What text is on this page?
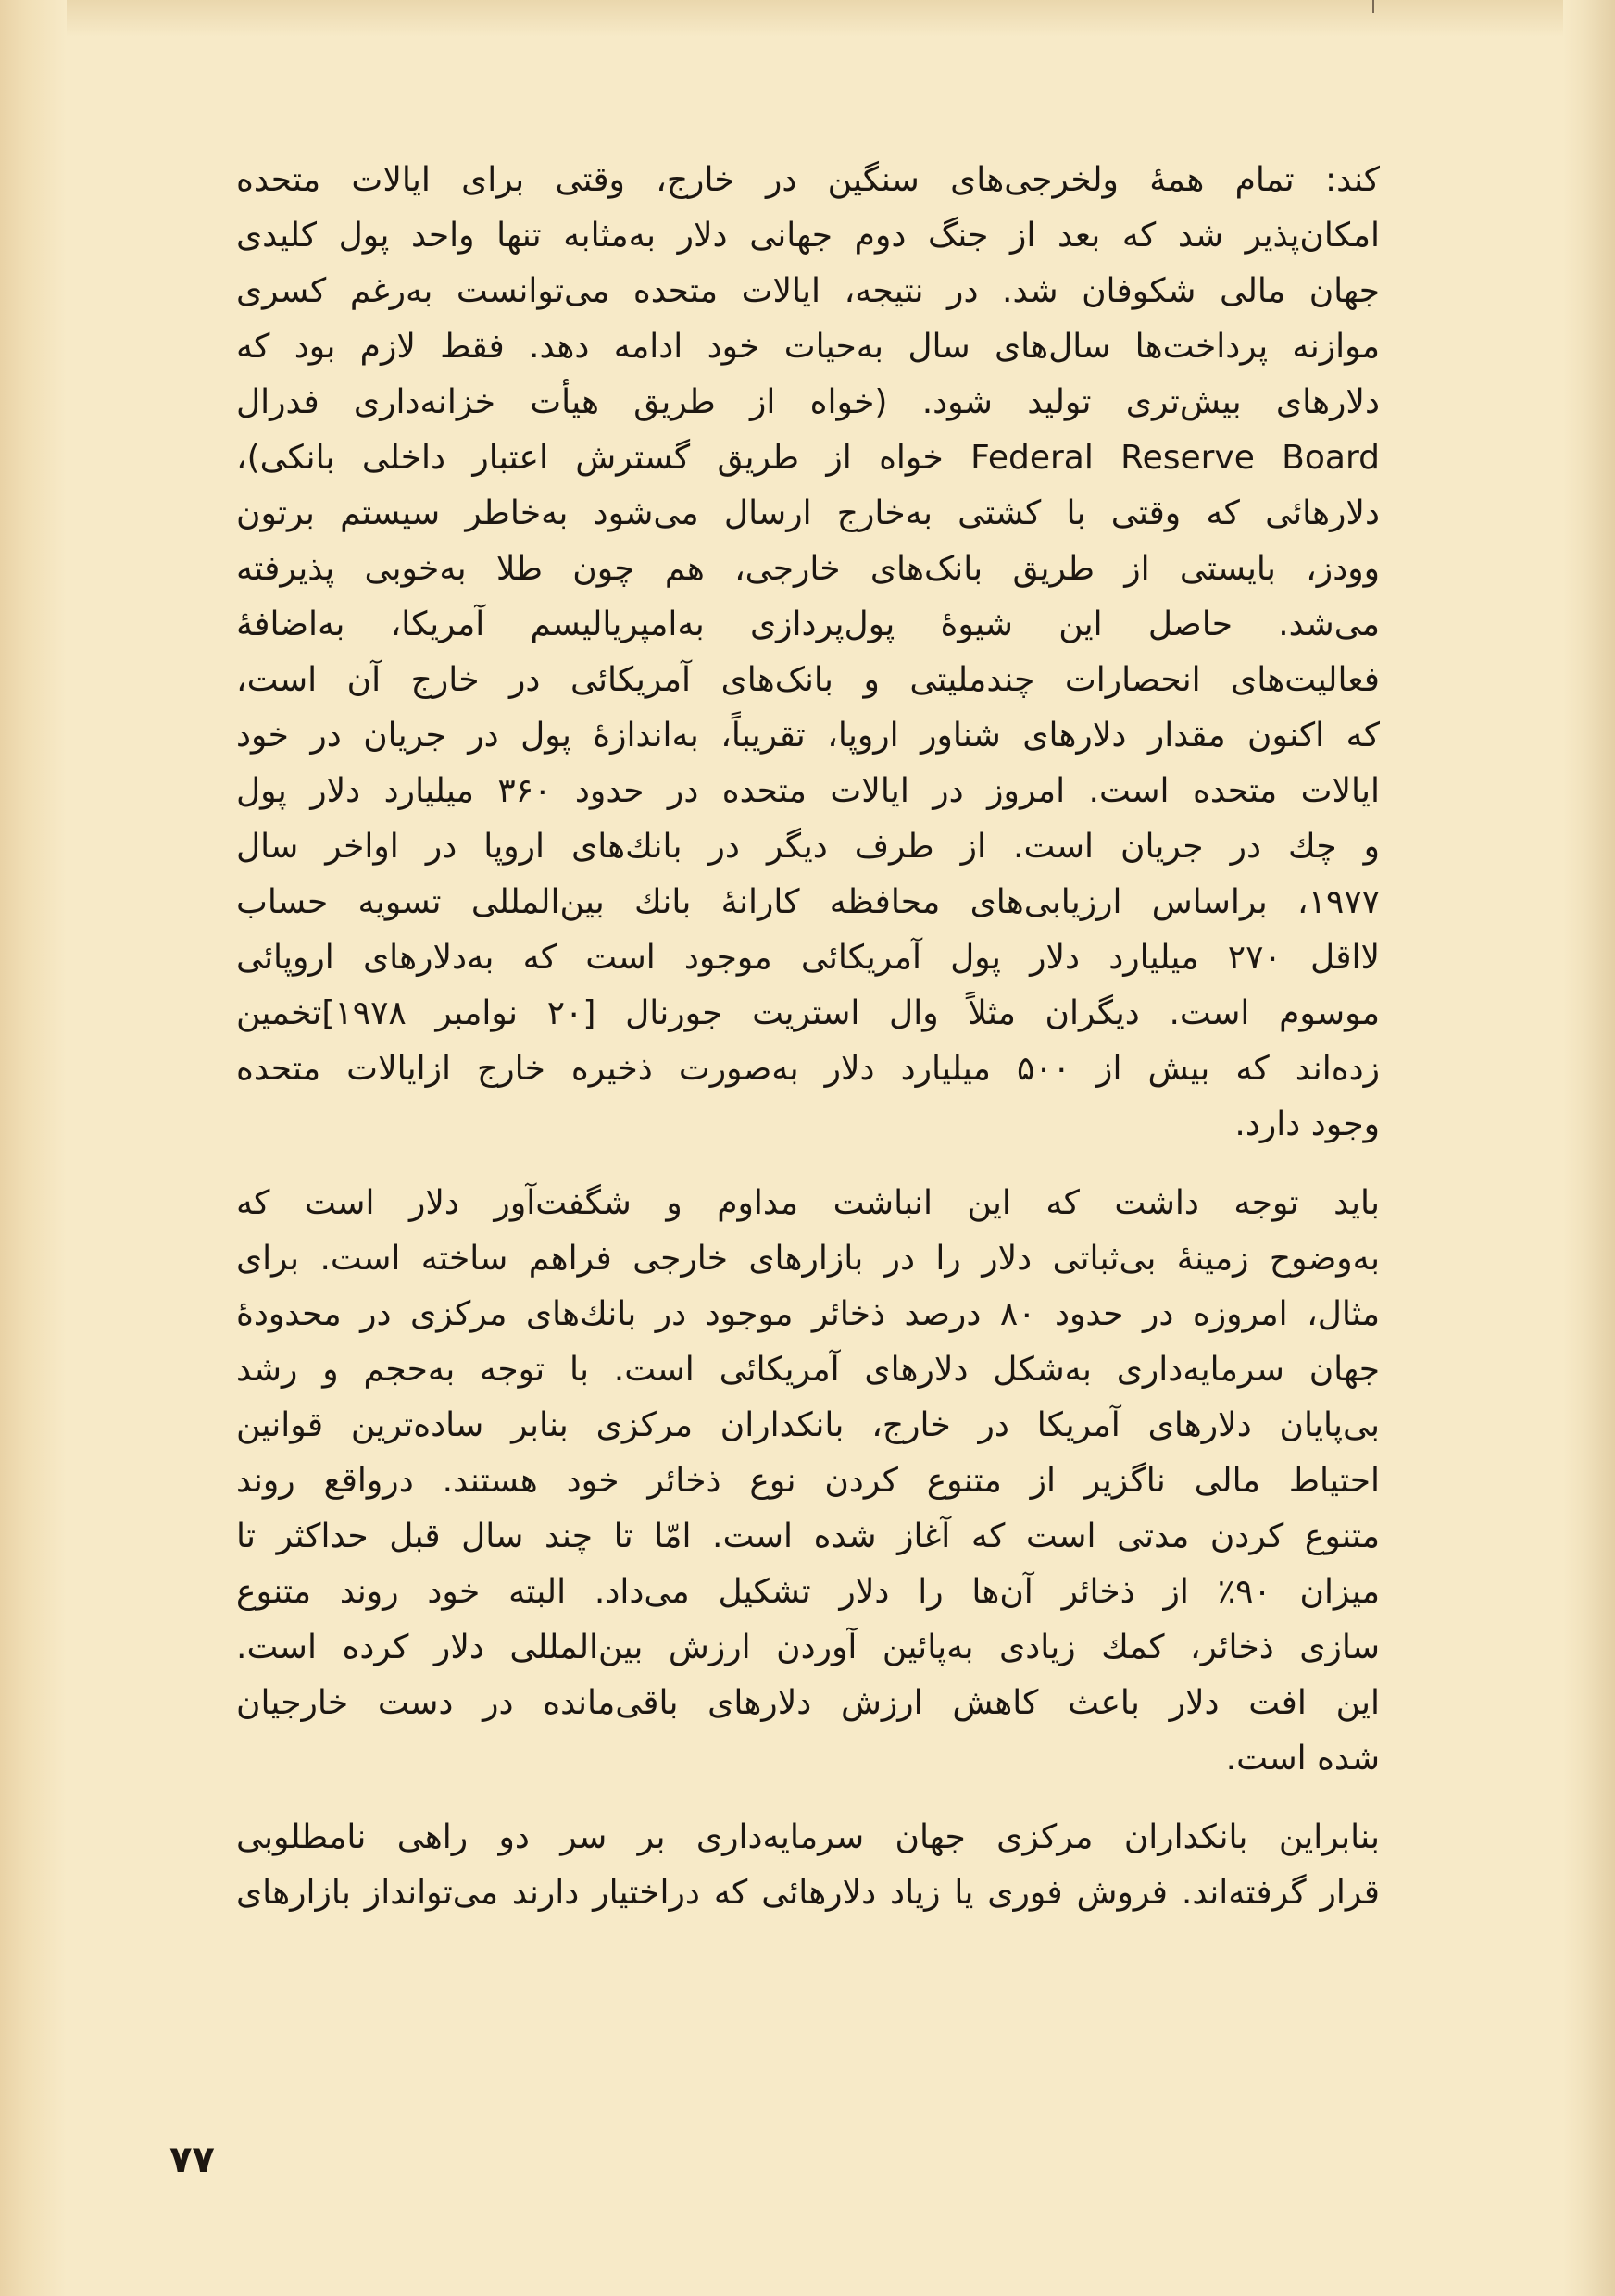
کند: تمام همهٔ ولخرجی‌های سنگین در خارج، وقتی برای ایالات متحده
امکان‌پذیر شد که بعد از جنگ دوم جهانی دلار به‌مثابه تنها واحد پول کلیدی
جهان مالی شکوفان شد. در نتیجه، ایالات متحده می‌توانست به‌رغم کسری
موازنه پرداخت‌ها سال‌های سال به‌حیات خود ادامه دهد. فقط لازم بود که
دلارهای بیش‌تری تولید شود. (خواه از طریق هیأت خزانه‌داری فدرال
Federal Reserve Board خواه از طریق گسترش اعتبار داخلی بانکی)،
دلارهائی که وقتی با کشتی به‌خارج ارسال می‌شود به‌خاطر سیستم برتون
وودز، بایستی از طریق بانک‌های خارجی، هم چون طلا به‌خوبی پذیرفته
می‌شد. حاصل این شیوهٔ پول‌پردازی به‌امپریالیسم آمریکا، به‌اضافهٔ
فعالیت‌های انحصارات چندملیتی و بانک‌های آمریکائی در خارج آن است،
که اکنون مقدار دلارهای شناور اروپا، تقریباً، به‌اندازهٔ پول در جریان در خود
ایالات متحده است. امروز در ایالات متحده در حدود ۳۶۰ میلیارد دلار پول
و چك در جریان است. از طرف دیگر در بانك‌های اروپا در اواخر سال
۱۹۷۷، براساس ارزیابی‌های محافظه کارانهٔ بانك بین‌المللی تسویه حساب
لااقل ۲۷۰ میلیارد دلار پول آمریکائی موجود است که به‌دلارهای اروپائی
موسوم است. دیگران مثلاً وال استریت جورنال [۲۰ نوامبر ۱۹۷۸]تخمین
زده‌اند که بیش از ۵۰۰ میلیارد دلار به‌صورت ذخیره خارج ازایالات متحده
وجود دارد.
باید توجه داشت که این انباشت مداوم و شگفت‌آور دلار است که
به‌وضوح زمینهٔ بی‌ثباتی دلار را در بازارهای خارجی فراهم ساخته است. برای
مثال، امروزه در حدود ۸۰ درصد ذخائر موجود در بانك‌های مرکزی در محدودهٔ
جهان سرمایه‌داری به‌شکل دلارهای آمریکائی است. با توجه به‌حجم و رشد
بی‌پایان دلارهای آمریکا در خارج، بانکداران مرکزی بنابر ساده‌ترین قوانین
احتیاط مالی ناگزیر از متنوع کردن نوع ذخائر خود هستند. درواقع روند
متنوع کردن مدتی است که آغاز شده است. امّا تا چند سال قبل حداکثر تا
میزان ۹۰٪ از ذخائر آن‌ها را دلار تشکیل می‌داد. البته خود روند متنوع
سازی ذخائر، کمك زیادی به‌پائین آوردن ارزش بین‌المللی دلار کرده است.
این افت دلار باعث کاهش ارزش دلارهای باقی‌مانده در دست خارجیان
شده است.
بنابراین بانکداران مرکزی جهان سرمایه‌داری بر سر دو راهی نامطلوبی
قرار گرفته‌اند. فروش فوری یا زیاد دلارهائی که دراختیار دارند می‌توانداز بازارهای
۷۷
